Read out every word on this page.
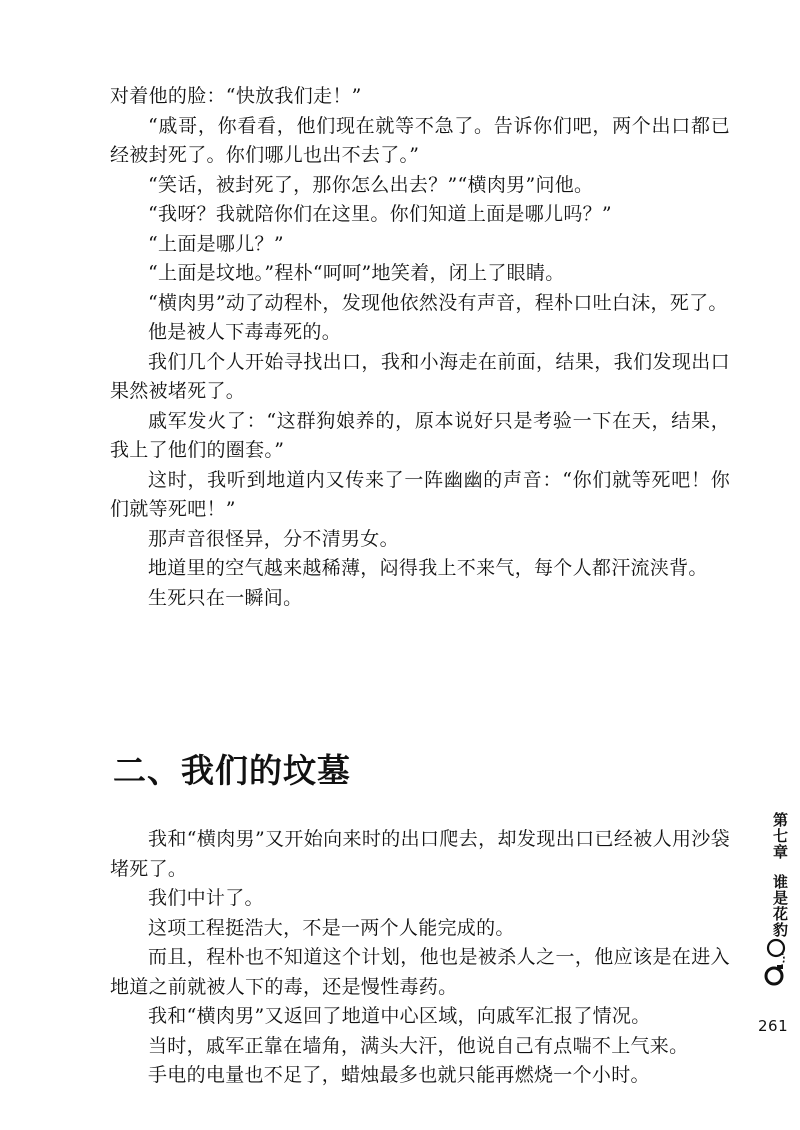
对着他的脸：“快放我们走！”

“戚哥，你看看，他们现在就等不急了。告诉你们吧，两个出口都已经被封死了。你们哪儿也出不去了。”

“笑话，被封死了，那你怎么出去？”“横肉男”问他。

“我呀？我就陪你们在这里。你们知道上面是哪儿吗？”

“上面是哪儿？”

“上面是坟地。”程朴“呵呵”地笑着，闭上了眼睛。

“横肉男”动了动程朴，发现他依然没有声音，程朴口吐白沫，死了。

他是被人下毒毒死的。

我们几个人开始寻找出口，我和小海走在前面，结果，我们发现出口果然被堵死了。

戚军发火了：“这群狗娘养的，原本说好只是考验一下在天，结果，我上了他们的圈套。”

这时，我听到地道内又传来了一阵幽幽的声音：“你们就等死吧！你们就等死吧！”

那声音很怪异，分不清男女。

地道里的空气越来越稀薄，闷得我上不来气，每个人都汗流浃背。

生死只在一瞬间。

二、我们的坟墓

我和“横肉男”又开始向来时的出口爬去，却发现出口已经被人用沙袋堵死了。

我们中计了。

这项工程挺浩大，不是一两个人能完成的。

而且，程朴也不知道这个计划，他也是被杀人之一，他应该是在进入地道之前就被人下的毒，还是慢性毒药。

我和“横肉男”又返回了地道中心区域，向戚军汇报了情况。

当时，戚军正靠在墙角，满头大汗，他说自己有点喘不上气来。

手电的电量也不足了，蜡烛最多也就只能再燃烧一个小时。

第七章谁是花豹
261
